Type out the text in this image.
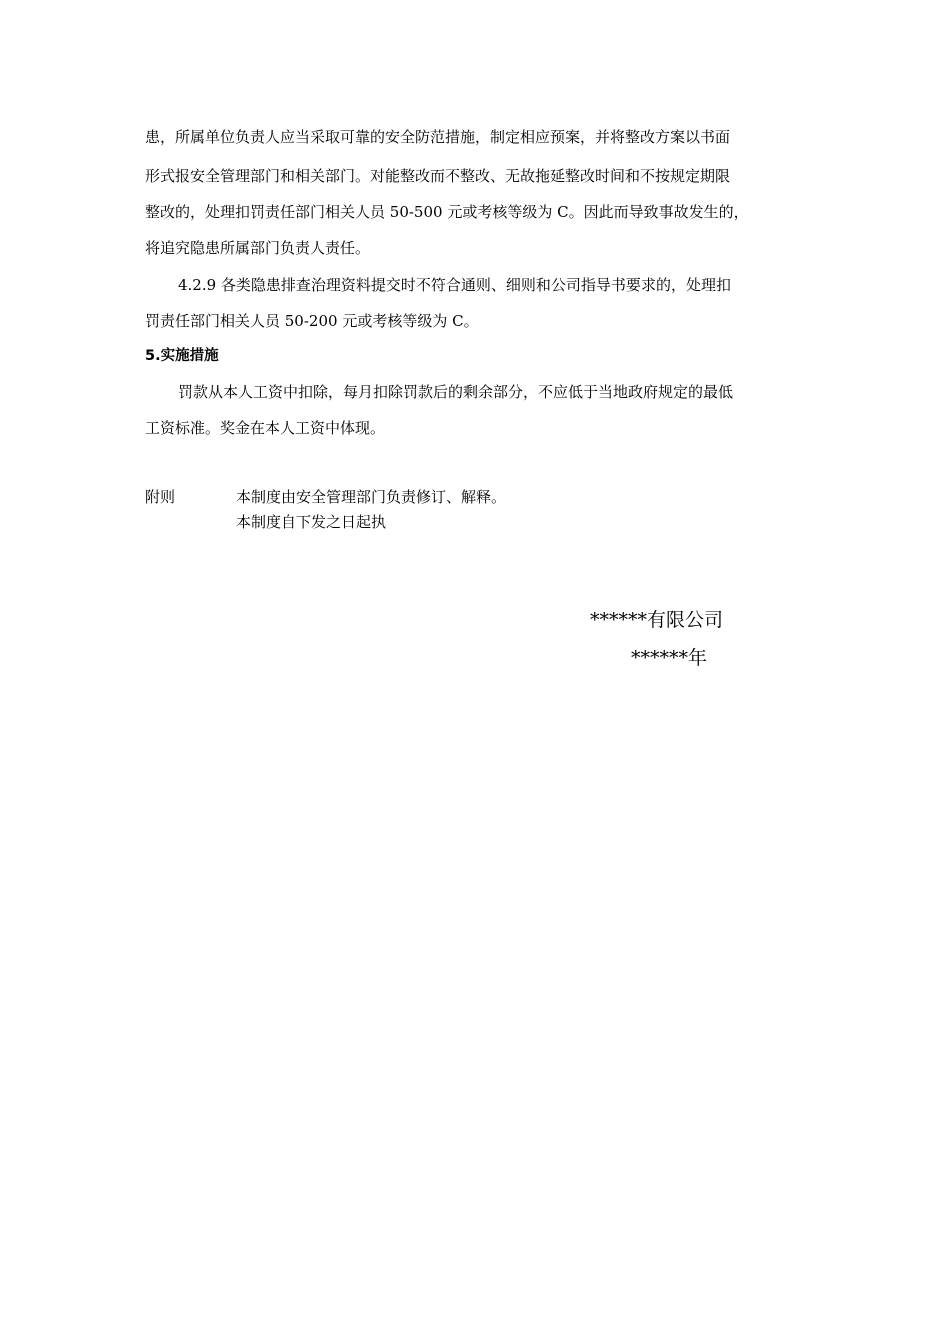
患，所属单位负责人应当采取可靠的安全防范措施，制定相应预案，并将整改方案以书面
形式报安全管理部门和相关部门。对能整改而不整改、无故拖延整改时间和不按规定期限
整改的，处理扣罚责任部门相关人员 50-500 元或考核等级为 C。因此而导致事故发生的，
将追究隐患所属部门负责人责任。
4.2.9 各类隐患排查治理资料提交时不符合通则、细则和公司指导书要求的，处理扣
罚责任部门相关人员 50-200 元或考核等级为 C。
5.实施措施
罚款从本人工资中扣除，每月扣除罚款后的剩余部分，不应低于当地政府规定的最低
工资标准。奖金在本人工资中体现。
附则	本制度由安全管理部门负责修订、解释。
本制度自下发之日起执
******有限公司
******年
